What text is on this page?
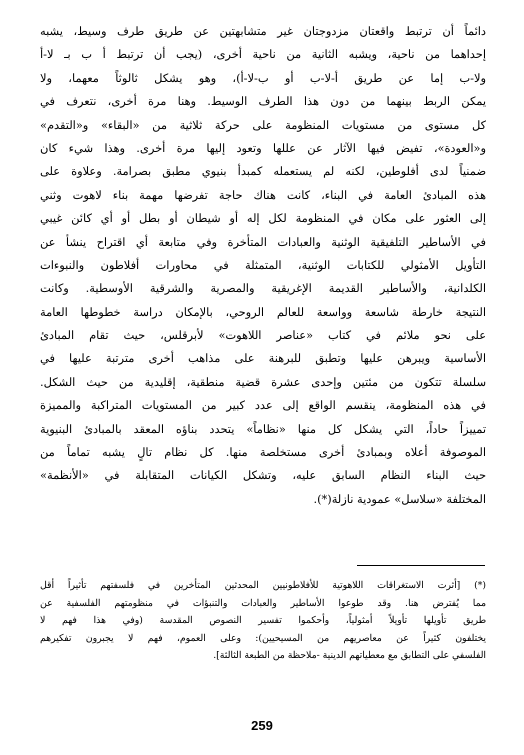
دائماً أن ترتبط واقعتان مزدوجتان غير متشابهتين عن طريق طرف وسيط، يشبه
إحداهما من ناحية، ويشبه الثانية من ناحية أخرى، (يجب أن ترتبط أ ب بـ لا-أ
ولا-ب إما عن طريق أ-لا-ب أو ب-لا-أ)، وهو يشكل ثالوثاً معهما، ولا
يمكن الربط بينهما من دون هذا الطرف الوسيط. وهنا مرة أخرى، نتعرف في
كل مستوى من مستويات المنظومة على حركة ثلاثية من «البقاء» و«التقدم»
و«العودة»، تفيض فيها الآثار عن عللها وتعود إليها مرة أخرى. وهذا شيء كان
ضمنياً لدى أفلوطين، لكنه لم يستعمله كمبدأ بنيوي مطبق بصرامة. وعلاوة على
هذه المبادئ العامة في البناء، كانت هناك حاجة تفرضها مهمة بناء لاهوت وثني
إلى العثور على مكان في المنظومة لكل إله أو شيطان أو بطل أو أي كائن غيبي
في الأساطير التلفيقية الوثنية والعبادات المتأخرة وفي متابعة أي اقتراح ينشأ عن
التأويل الأمثولي للكتابات الوثنية، المتمثلة في محاورات أفلاطون والنبوءات
الكلدانية، والأساطير القديمة الإغريقية والمصرية والشرقية الأوسطية. وكانت
النتيجة خارطة شاسعة وواسعة للعالم الروحي، بالإمكان دراسة خطوطها العامة
على نحو ملائم في كتاب «عناصر اللاهوت» لأبرقلس، حيث تقام المبادئ
الأساسية ويبرهن عليها وتطبق للبرهنة على مذاهب أخرى مترتبة عليها في
سلسلة تتكون من مئتين وإحدى عشرة قضية منطقية، إقليدية من حيث الشكل.
في هذه المنظومة، ينقسم الواقع إلى عدد كبير من المستويات المتراكبة والمميزة
تمييزاً حاداً، التي يشكل كل منها «نظاماً» يتحدد بناؤه المعقد بالمبادئ البنيوية
الموصوفة أعلاه وبمبادئ أخرى مستخلصة منها. كل نظام تالٍ يشبه تماماً من
حيث البناء النظام السابق عليه، وتشكل الكيانات المتقابلة في «الأنظمة»
المختلفة «سلاسل» عمودية نازلة(*).
(*) [أثرت الاستغراقات اللاهوتية للأفلاطونيين المحدثين المتأخرين في فلسفتهم تأثيراً أقل
مما يُفترض هنا. وقد طوعوا الأساطير والعبادات والتنبؤات في منظومتهم الفلسفية عن
طريق تأويلها تأويلاً أمثولياً، وأحكموا تفسير النصوص المقدسة (وفي هذا فهم لا
يختلفون كثيراً عن معاصريهم من المسيحيين): وعلى العموم، فهم لا يجبرون تفكيرهم
الفلسفي على التطابق مع معطياتهم الدينية -ملاحظة من الطبعة الثالثة].
259
